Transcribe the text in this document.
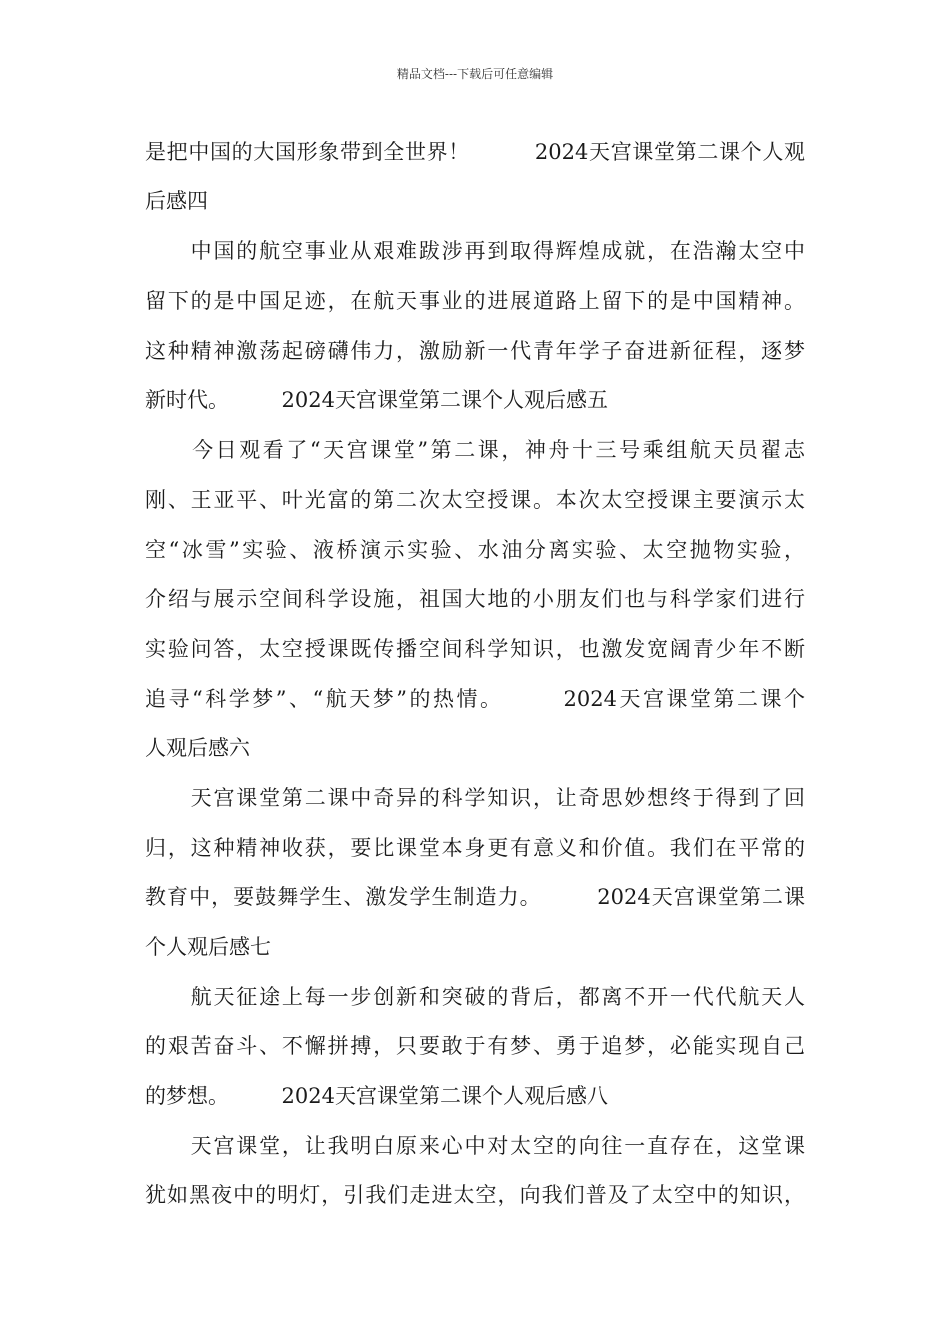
精品文档---下载后可任意编辑
是把中国的大国形象带到全世界！　　　2024天宫课堂第二课个人观
后感四
　　中国的航空事业从艰难跋涉再到取得辉煌成就，在浩瀚太空中
留下的是中国足迹，在航天事业的进展道路上留下的是中国精神。
这种精神激荡起磅礴伟力，激励新一代青年学子奋进新征程，逐梦
新时代。　　　2024天宫课堂第二课个人观后感五
　　今日观看了“天宫课堂”第二课，神舟十三号乘组航天员翟志
刚、王亚平、叶光富的第二次太空授课。本次太空授课主要演示太
空“冰雪”实验、液桥演示实验、水油分离实验、太空抛物实验，
介绍与展示空间科学设施，祖国大地的小朋友们也与科学家们进行
实验问答，太空授课既传播空间科学知识，也激发宽阔青少年不断
追寻“科学梦”、“航天梦”的热情。　　　2024天宫课堂第二课个
人观后感六
　　天宫课堂第二课中奇异的科学知识，让奇思妙想终于得到了回
归，这种精神收获，要比课堂本身更有意义和价值。我们在平常的
教育中，要鼓舞学生、激发学生制造力。　　　2024天宫课堂第二课
个人观后感七
　　航天征途上每一步创新和突破的背后，都离不开一代代航天人
的艰苦奋斗、不懈拼搏，只要敢于有梦、勇于追梦，必能实现自己
的梦想。　　　2024天宫课堂第二课个人观后感八
　　天宫课堂，让我明白原来心中对太空的向往一直存在，这堂课
犹如黑夜中的明灯，引我们走进太空，向我们普及了太空中的知识，
